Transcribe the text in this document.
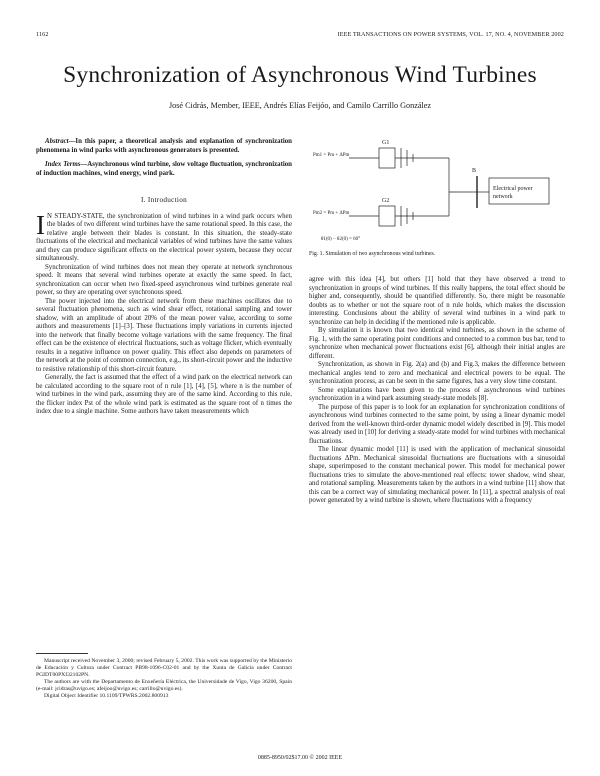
1162	IEEE TRANSACTIONS ON POWER SYSTEMS, VOL. 17, NO. 4, NOVEMBER 2002
Synchronization of Asynchronous Wind Turbines
José Cidrás, Member, IEEE, Andrés Elías Feijóo, and Camilo Carrillo González

Abstract—In this paper, a theoretical analysis and explanation of synchronization phenomena in wind parks with asynchronous generators is presented.

Index Terms—Asynchronous wind turbine, slow voltage fluctuation, synchronization of induction machines, wind energy, wind park.

I. Introduction

I N STEADY-STATE, the synchronization of wind turbines in a wind park occurs when the blades of two different wind turbines have the same rotational speed. In this case, the relative angle between their blades is constant. In this situation, the steady-state fluctuations of the electrical and mechanical variables of wind turbines have the same values and they can produce significant effects on the electrical power system, because they occur simultaneously.

Synchronization of wind turbines does not mean they operate at network synchronous speed. It means that several wind turbines operate at exactly the same speed. In fact, synchronization can occur when two fixed-speed asynchronous wind turbines generate real power, so they are operating over synchronous speed.

The power injected into the electrical network from these machines oscillates due to several fluctuation phenomena, such as wind shear effect, rotational sampling and tower shadow, with an amplitude of about 20% of the mean power value, according to some authors and measurements [1]–[3]. These fluctuations imply variations in currents injected into the network that finally become voltage variations with the same frequency. The final effect can be the existence of electrical fluctuations, such as voltage flicker, which eventually results in a negative influence on power quality. This effect also depends on parameters of the network at the point of common connection, e.g., its short-circuit power and the inductive to resistive relationship of this short-circuit feature.

Generally, the fact is assumed that the effect of a wind park on the electrical network can be calculated according to the square root of n rule [1], [4], [5], where n is the number of wind turbines in the wind park, assuming they are of the same kind. According to this rule, the flicker index Pst of the whole wind park is estimated as the square root of n times the index due to a single machine. Some authors have taken measurements which

Pm1 = Pm + ΔPm
Pm2 = Pm + ΔPm
G1
G2
B
Electrical power
network
θ1(0) − θ2(0) = 60°
Fig. 1. Simulation of two asynchronous wind turbines.

agree with this idea [4], but others [1] hold that they have observed a trend to synchronization in groups of wind turbines. If this really happens, the total effect should be higher and, consequently, should be quantified differently. So, there might be reasonable doubts as to whether or not the square root of n rule holds, which makes the discussion interesting. Conclusions about the ability of several wind turbines in a wind park to synchronize can help in deciding if the mentioned rule is applicable.

By simulation it is known that two identical wind turbines, as shown in the scheme of Fig. 1, with the same operating point conditions and connected to a common bus bar, tend to synchronize when mechanical power fluctuations exist [6], although their initial angles are different.

Synchronization, as shown in Fig. 2(a) and (b) and Fig.3, makes the difference between mechanical angles tend to zero and mechanical and electrical powers to be equal. The synchronization process, as can be seen in the same figures, has a very slow time constant.

Some explanations have been given to the process of asynchronous wind turbines synchronization in a wind park assuming steady-state models [8].

The purpose of this paper is to look for an explanation for synchronization conditions of asynchronous wind turbines connected to the same point, by using a linear dynamic model derived from the well-known third-order dynamic model widely described in [9]. This model was already used in [10] for deriving a steady-state model for wind turbines with mechanical fluctuations.

The linear dynamic model [11] is used with the application of mechanical sinusoidal fluctuations ΔPm. Mechanical sinusoidal fluctuations are fluctuations with a sinusoidal shape, superimposed to the constant mechanical power. This model for mechanical power fluctuations tries to simulate the above-mentioned real effects: tower shadow, wind shear, and rotational sampling. Measurements taken by the authors in a wind turbine [11] show that this can be a correct way of simulating mechanical power. In [11], a spectral analysis of real power generated by a wind turbine is shown, where fluctuations with a frequency

Manuscript received November 3, 2000; revised February 5, 2002. This work was supported by the Ministerio de Educación y Cultura under Contract PB98-1096-C02-01 and by the Xunta de Galicia under Contract PGIDT00PXI32102PN.

The authors are with the Departamento de Enxeñería Eléctrica, the Universidade de Vigo, Vigo 36200, Spain (e-mail: jcidras@uvigo.es; afeijoo@uvigo.es; carrillo@uvigo.es).

Digital Object Identifier 10.1109/TPWRS.2002.800913

0885-8950/02$17.00 © 2002 IEEE
